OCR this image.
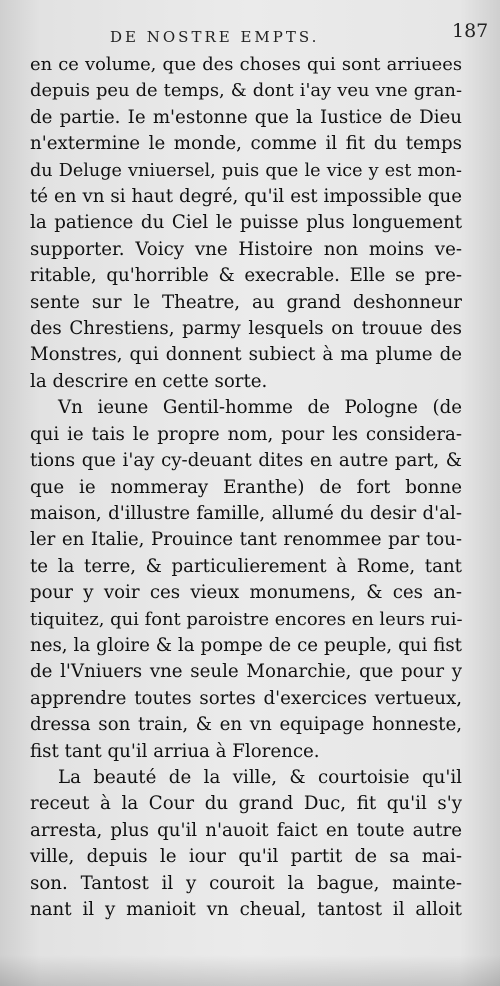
DE NOSTRE EMPTS.	187
en ce volume, que des choses qui sont arriuees
depuis peu de temps, & dont i'ay veu vne gran-
de partie. Ie m'estonne que la Iustice de Dieu
n'extermine le monde, comme il fit du temps
du Deluge vniuersel, puis que le vice y est mon-
té en vn si haut degré, qu'il est impossible que
la patience du Ciel le puisse plus longuement
supporter. Voicy vne Histoire non moins ve-
ritable, qu'horrible & execrable. Elle se pre-
sente sur le Theatre, au grand deshonneur
des Chrestiens, parmy lesquels on trouue des
Monstres, qui donnent subiect à ma plume de
la descrire en cette sorte.
Vn ieune Gentil-homme de Pologne (de
qui ie tais le propre nom, pour les considera-
tions que i'ay cy-deuant dites en autre part, &
que ie nommeray Eranthe) de fort bonne
maison, d'illustre famille, allumé du desir d'al-
ler en Italie, Prouince tant renommee par tou-
te la terre, & particulierement à Rome, tant
pour y voir ces vieux monumens, & ces an-
tiquitez, qui font paroistre encores en leurs rui-
nes, la gloire & la pompe de ce peuple, qui fist
de l'Vniuers vne seule Monarchie, que pour y
apprendre toutes sortes d'exercices vertueux,
dressa son train, & en vn equipage honneste,
fist tant qu'il arriua à Florence.
La beauté de la ville, & courtoisie qu'il
receut à la Cour du grand Duc, fit qu'il s'y
arresta, plus qu'il n'auoit faict en toute autre
ville, depuis le iour qu'il partit de sa mai-
son. Tantost il y couroit la bague, mainte-
nant il y manioit vn cheual, tantost il alloit
